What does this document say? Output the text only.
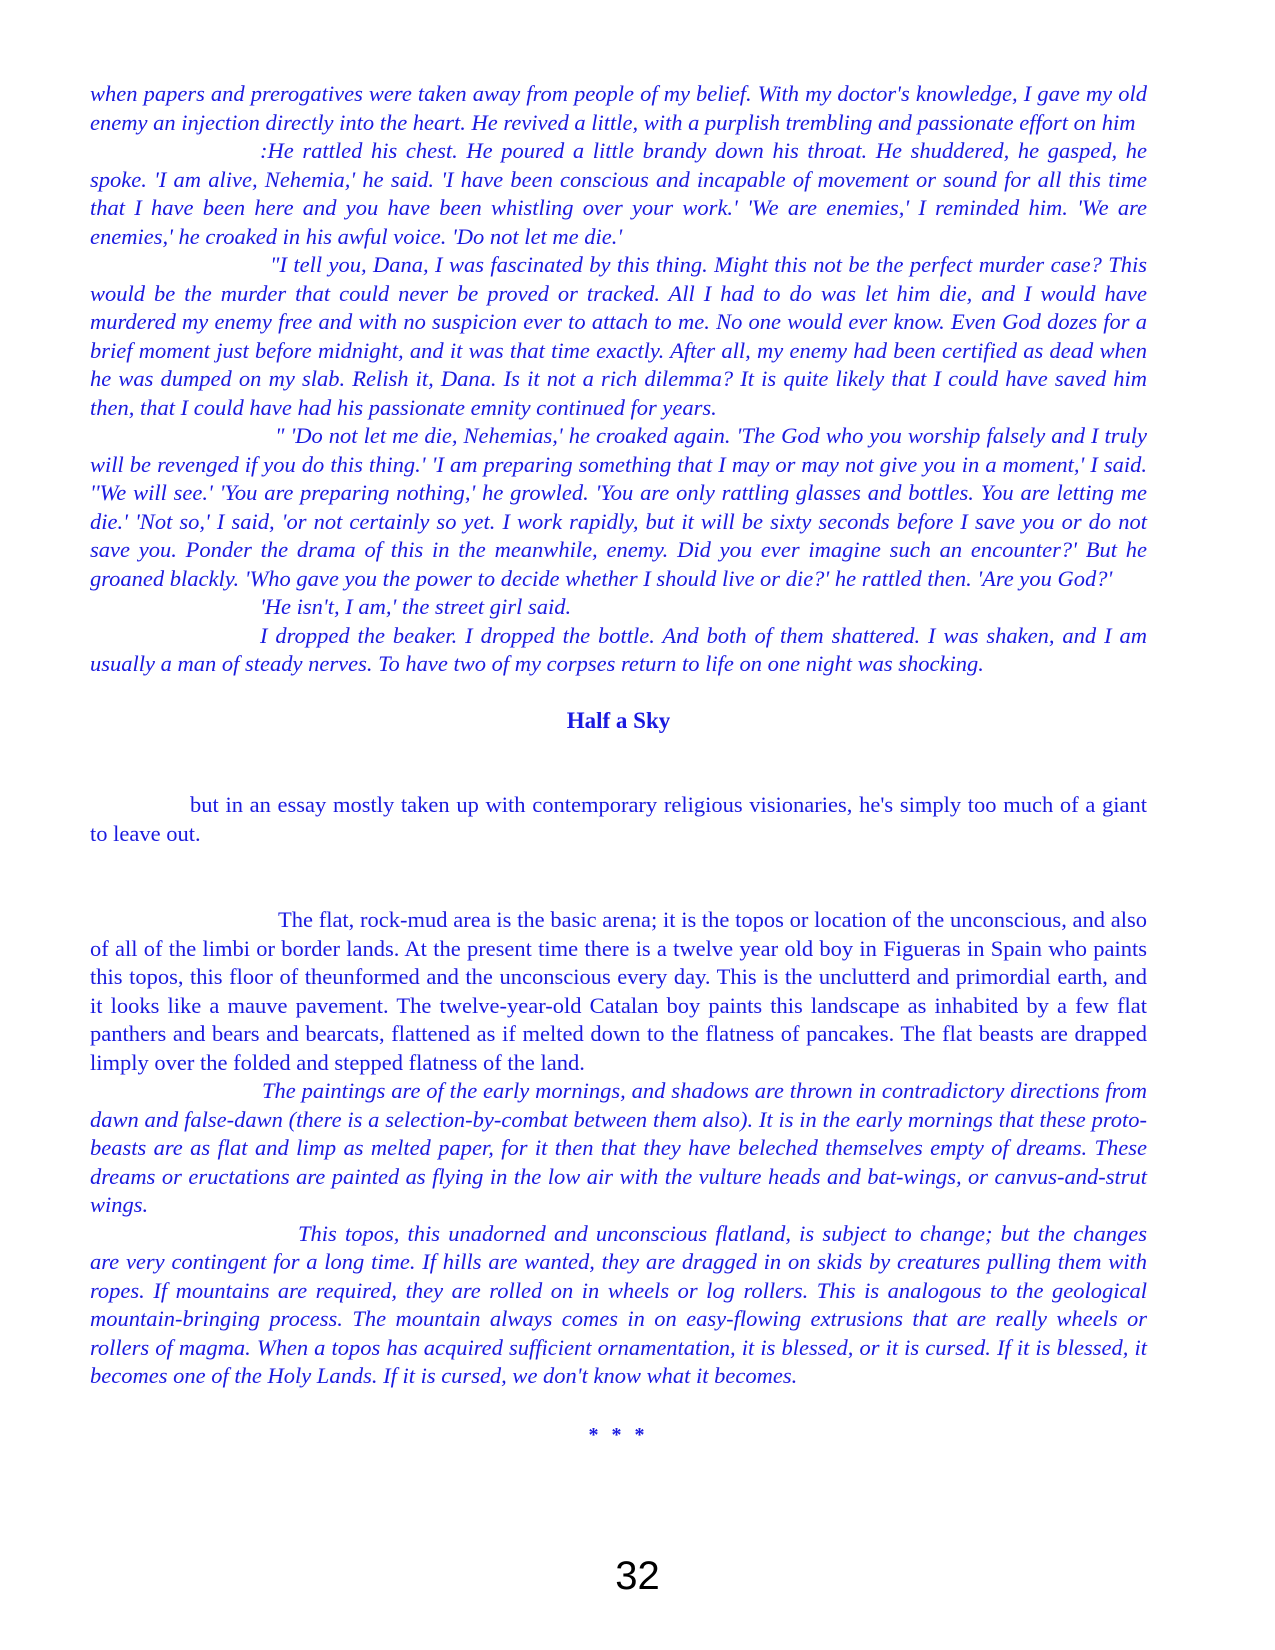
when papers and prerogatives were taken away from people of my belief. With my doctor's knowledge, I gave my old enemy an injection directly into the heart. He revived a little, with a purplish trembling and passionate effort on him

:He rattled his chest. He poured a little brandy down his throat. He shuddered, he gasped, he spoke. 'I am alive, Nehemia,' he said. 'I have been conscious and incapable of movement or sound for all this time that I have been here and you have been whistling over your work.' 'We are enemies,' I reminded him. 'We are enemies,' he croaked in his awful voice. 'Do not let me die.'

"I tell you, Dana, I was fascinated by this thing. Might this not be the perfect murder case? This would be the murder that could never be proved or tracked. All I had to do was let him die, and I would have murdered my enemy free and with no suspicion ever to attach to me. No one would ever know. Even God dozes for a brief moment just before midnight, and it was that time exactly. After all, my enemy had been certified as dead when he was dumped on my slab. Relish it, Dana. Is it not a rich dilemma? It is quite likely that I could have saved him then, that I could have had his passionate emnity continued for years.

" 'Do not let me die, Nehemias,' he croaked again. 'The God who you worship falsely and I truly will be revenged if you do this thing.' 'I am preparing something that I may or may not give you in a moment,' I said. ''We will see.' 'You are preparing nothing,' he growled. 'You are only rattling glasses and bottles. You are letting me die.' 'Not so,' I said, 'or not certainly so yet. I work rapidly, but it will be sixty seconds before I save you or do not save you. Ponder the drama of this in the meanwhile, enemy. Did you ever imagine such an encounter?' But he groaned blackly. 'Who gave you the power to decide whether I should live or die?' he rattled then. 'Are you God?'

'He isn't, I am,' the street girl said.

I dropped the beaker. I dropped the bottle. And both of them shattered. I was shaken, and I am usually a man of steady nerves. To have two of my corpses return to life on one night was shocking.

Half a Sky

but in an essay mostly taken up with contemporary religious visionaries, he's simply too much of a giant to leave out.

The flat, rock-mud area is the basic arena; it is the topos or location of the unconscious, and also of all of the limbi or border lands. At the present time there is a twelve year old boy in Figueras in Spain who paints this topos, this floor of theunformed and the unconscious every day. This is the unclutterd and primordial earth, and it looks like a mauve pavement. The twelve-year-old Catalan boy paints this landscape as inhabited by a few flat panthers and bears and bearcats, flattened as if melted down to the flatness of pancakes. The flat beasts are drapped limply over the folded and stepped flatness of the land.

The paintings are of the early mornings, and shadows are thrown in contradictory directions from dawn and false-dawn (there is a selection-by-combat between them also). It is in the early mornings that these proto-beasts are as flat and limp as melted paper, for it then that they have beleched themselves empty of dreams. These dreams or eructations are painted as flying in the low air with the vulture heads and bat-wings, or canvus-and-strut wings.

This topos, this unadorned and unconscious flatland, is subject to change; but the changes are very contingent for a long time. If hills are wanted, they are dragged in on skids by creatures pulling them with ropes. If mountains are required, they are rolled on in wheels or log rollers. This is analogous to the geological mountain-bringing process. The mountain always comes in on easy-flowing extrusions that are really wheels or rollers of magma. When a topos has acquired sufficient ornamentation, it is blessed, or it is cursed. If it is blessed, it becomes one of the Holy Lands. If it is cursed, we don't know what it becomes.

* * *

32
